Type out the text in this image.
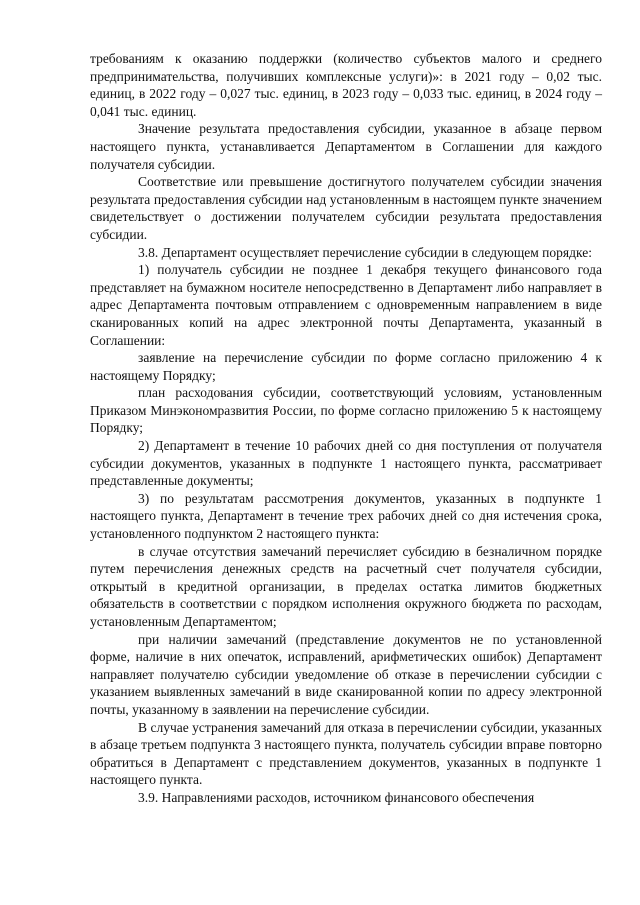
требованиям к оказанию поддержки (количество субъектов малого и среднего предпринимательства, получивших комплексные услуги)»: в 2021 году – 0,02 тыс. единиц, в 2022 году – 0,027 тыс. единиц, в 2023 году – 0,033 тыс. единиц, в 2024 году – 0,041 тыс. единиц.

Значение результата предоставления субсидии, указанное в абзаце первом настоящего пункта, устанавливается Департаментом в Соглашении для каждого получателя субсидии.

Соответствие или превышение достигнутого получателем субсидии значения результата предоставления субсидии над установленным в настоящем пункте значением свидетельствует о достижении получателем субсидии результата предоставления субсидии.

3.8. Департамент осуществляет перечисление субсидии в следующем порядке:

1) получатель субсидии не позднее 1 декабря текущего финансового года представляет на бумажном носителе непосредственно в Департамент либо направляет в адрес Департамента почтовым отправлением с одновременным направлением в виде сканированных копий на адрес электронной почты Департамента, указанный в Соглашении:

заявление на перечисление субсидии по форме согласно приложению 4 к настоящему Порядку;

план расходования субсидии, соответствующий условиям, установленным Приказом Минэкономразвития России, по форме согласно приложению 5 к настоящему Порядку;

2) Департамент в течение 10 рабочих дней со дня поступления от получателя субсидии документов, указанных в подпункте 1 настоящего пункта, рассматривает представленные документы;

3) по результатам рассмотрения документов, указанных в подпункте 1 настоящего пункта, Департамент в течение трех рабочих дней со дня истечения срока, установленного подпунктом 2 настоящего пункта:

в случае отсутствия замечаний перечисляет субсидию в безналичном порядке путем перечисления денежных средств на расчетный счет получателя субсидии, открытый в кредитной организации, в пределах остатка лимитов бюджетных обязательств в соответствии с порядком исполнения окружного бюджета по расходам, установленным Департаментом;

при наличии замечаний (представление документов не по установленной форме, наличие в них опечаток, исправлений, арифметических ошибок) Департамент направляет получателю субсидии уведомление об отказе в перечислении субсидии с указанием выявленных замечаний в виде сканированной копии по адресу электронной почты, указанному в заявлении на перечисление субсидии.

В случае устранения замечаний для отказа в перечислении субсидии, указанных в абзаце третьем подпункта 3 настоящего пункта, получатель субсидии вправе повторно обратиться в Департамент с представлением документов, указанных в подпункте 1 настоящего пункта.

3.9. Направлениями расходов, источником финансового обеспечения
